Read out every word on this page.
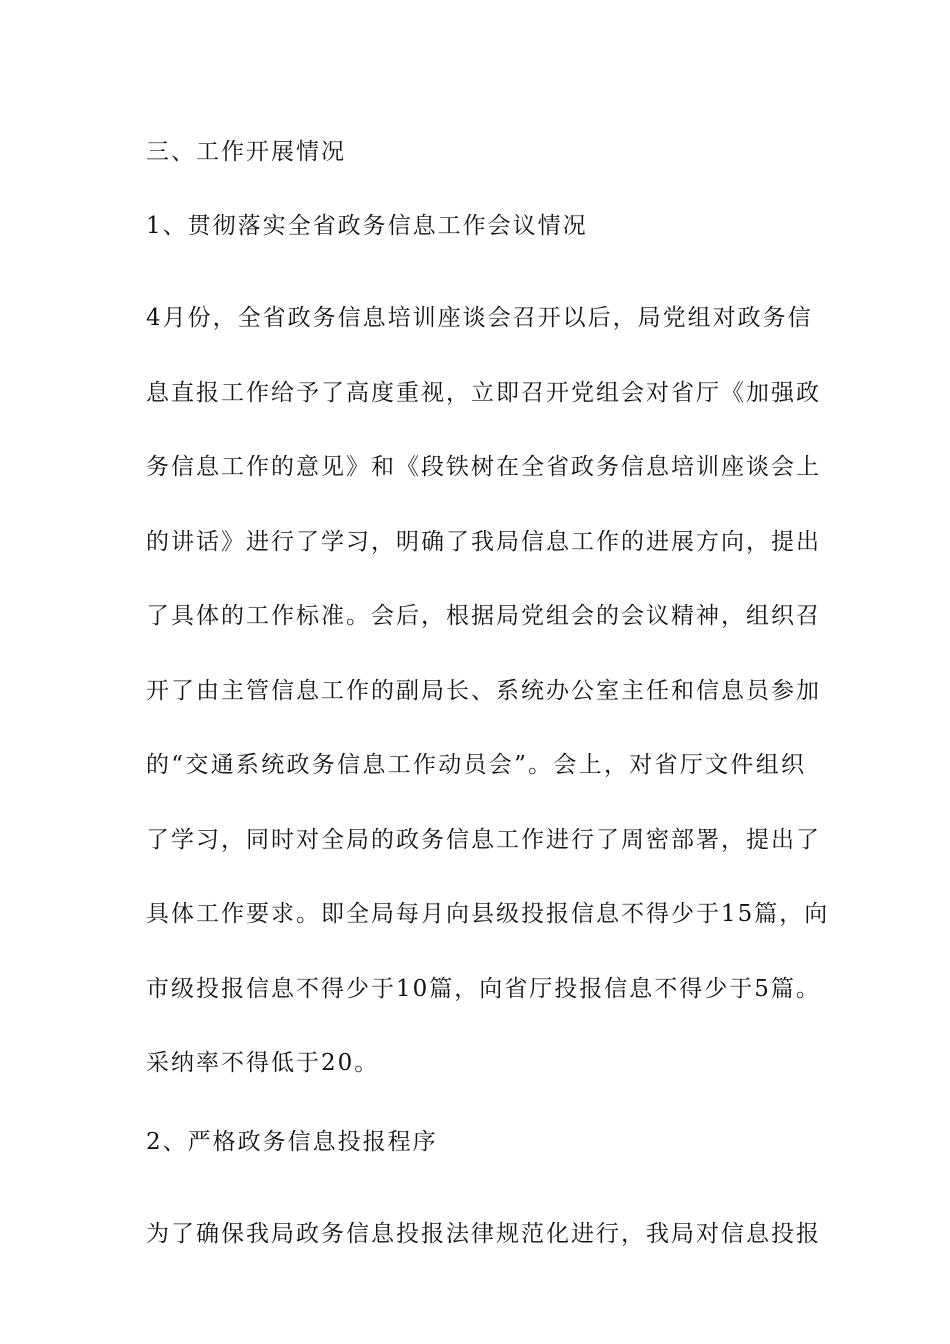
三、工作开展情况
1、贯彻落实全省政务信息工作会议情况
4月份，全省政务信息培训座谈会召开以后，局党组对政务信
息直报工作给予了高度重视，立即召开党组会对省厅《加强政
务信息工作的意见》和《段铁树在全省政务信息培训座谈会上
的讲话》进行了学习，明确了我局信息工作的进展方向，提出
了具体的工作标准。会后，根据局党组会的会议精神，组织召
开了由主管信息工作的副局长、系统办公室主任和信息员参加
的“交通系统政务信息工作动员会”。会上，对省厅文件组织
了学习，同时对全局的政务信息工作进行了周密部署，提出了
具体工作要求。即全局每月向县级投报信息不得少于15篇，向
市级投报信息不得少于10篇，向省厅投报信息不得少于5篇。
采纳率不得低于20。
2、严格政务信息投报程序
为了确保我局政务信息投报法律规范化进行，我局对信息投报
